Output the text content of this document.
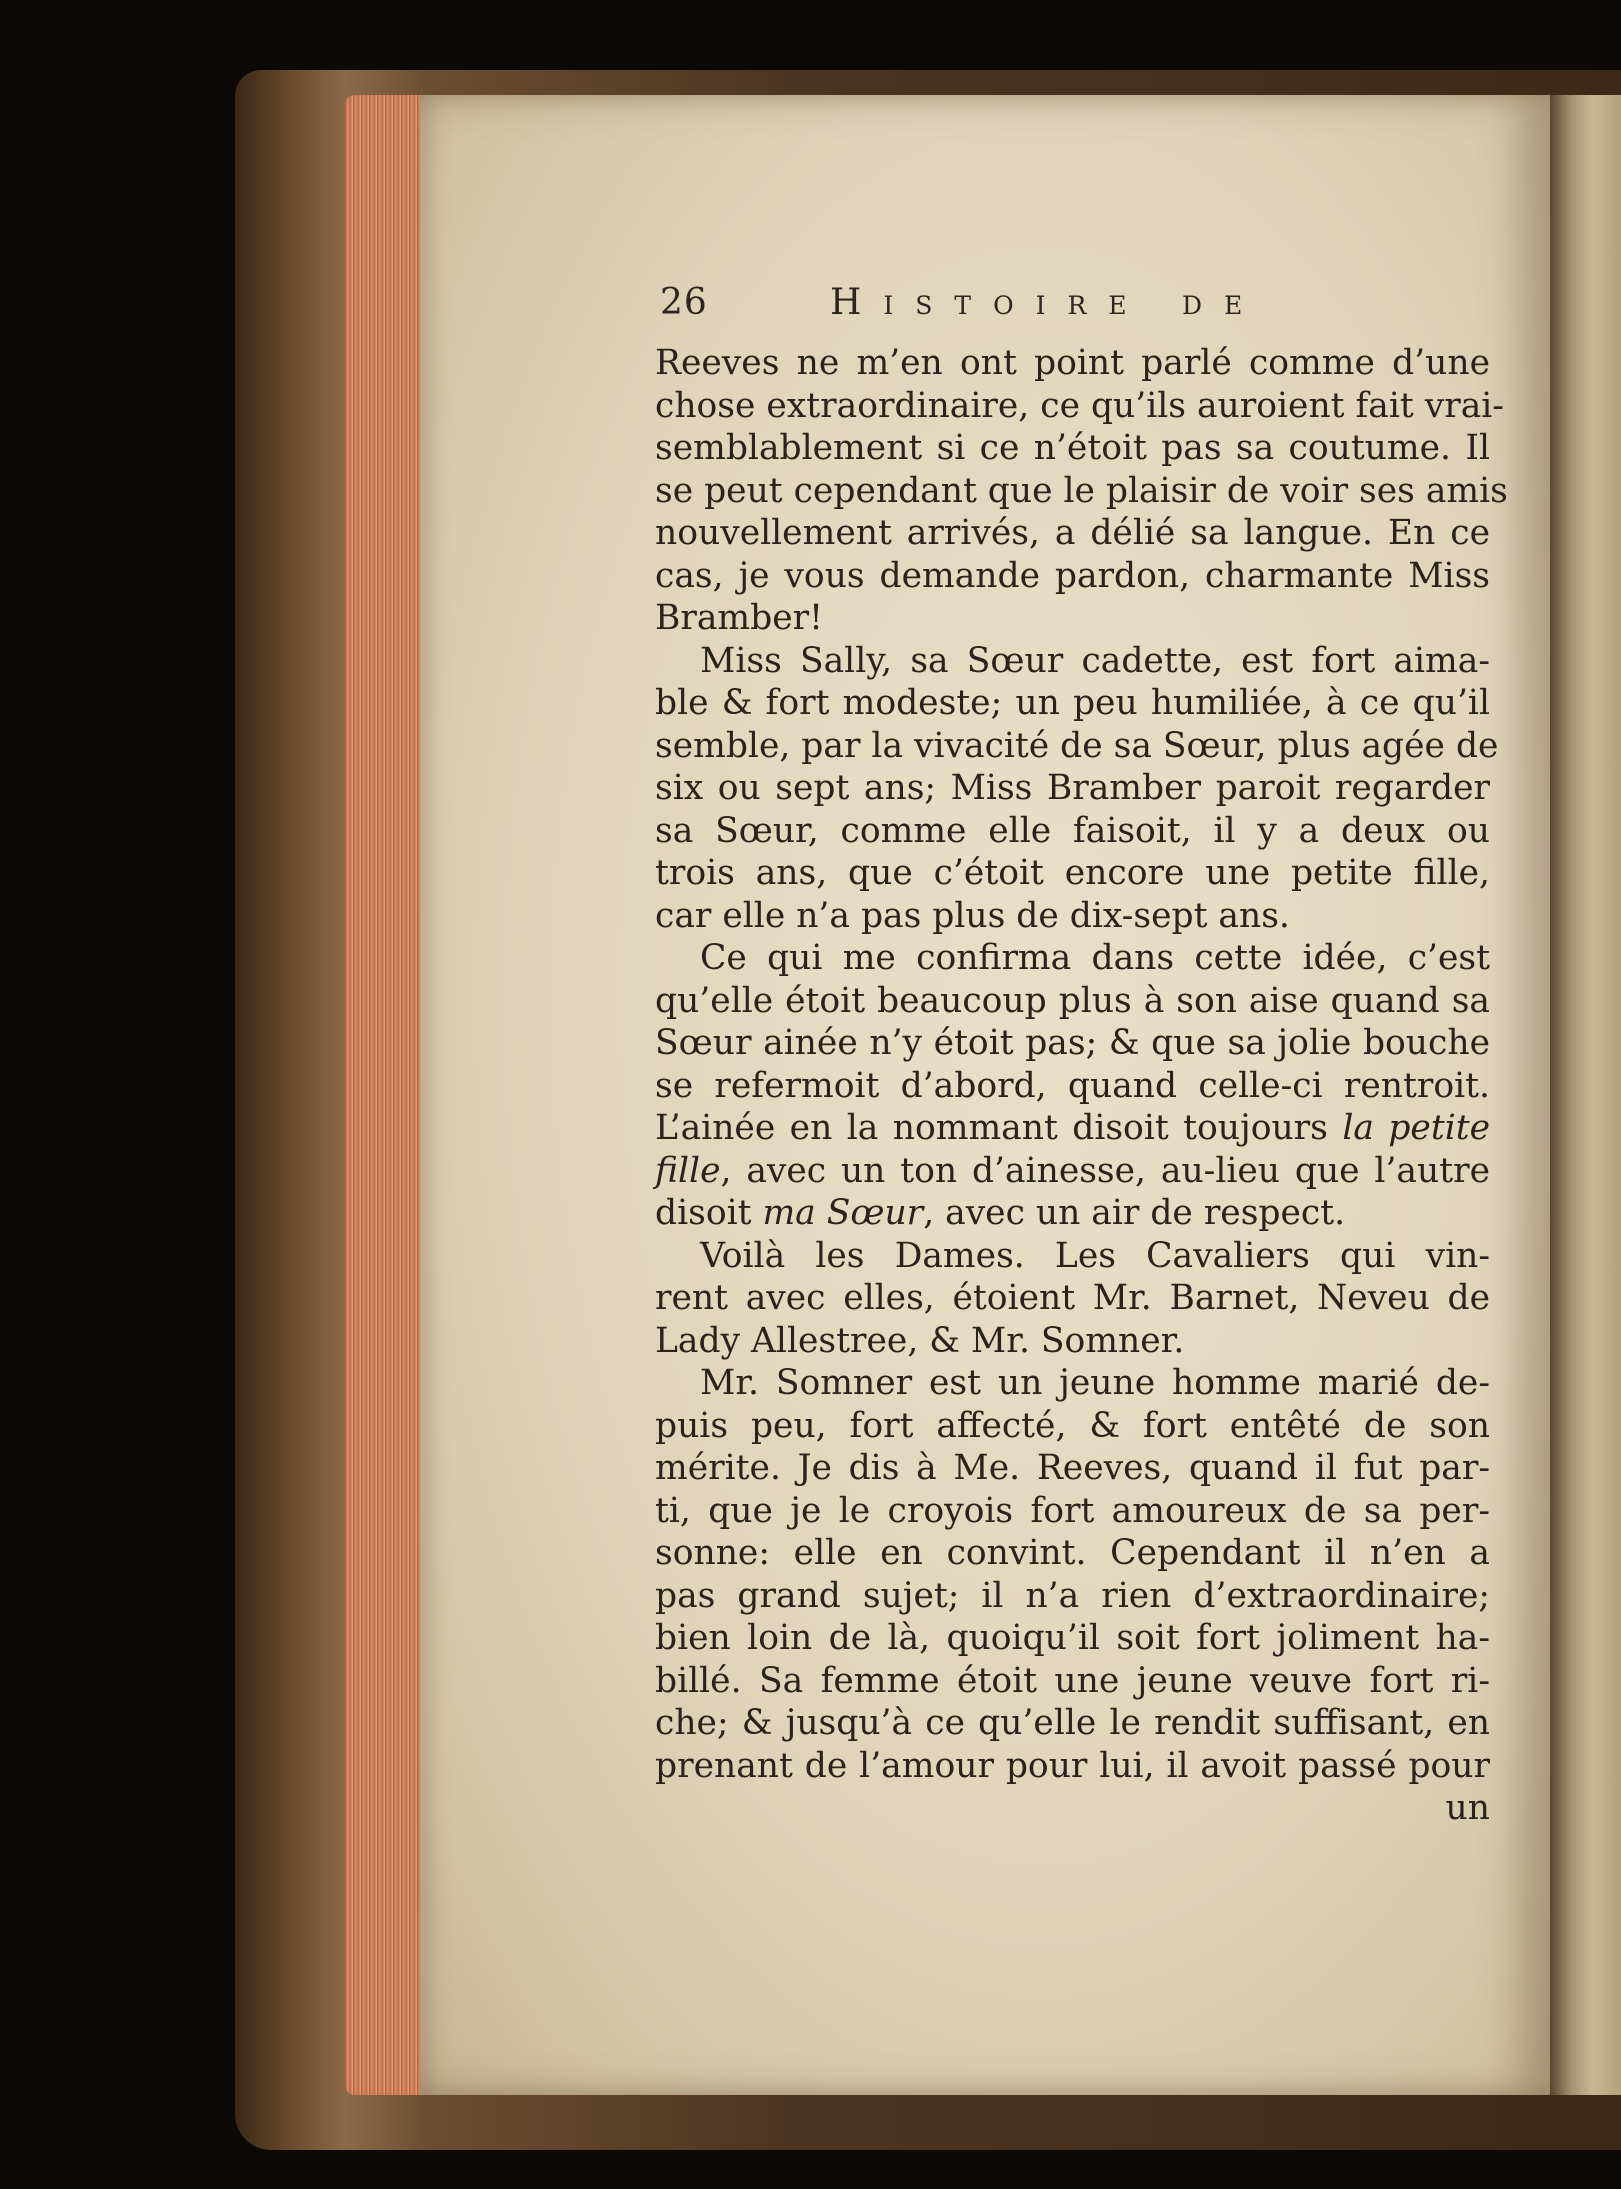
26	Histoire de
Reeves ne m’en ont point parlé comme d’une
chose extraordinaire, ce qu’ils auroient fait vrai-
semblablement si ce n’étoit pas sa coutume. Il
se peut cependant que le plaisir de voir ses amis
nouvellement arrivés, a délié sa langue. En ce
cas, je vous demande pardon, charmante Miss
Bramber!
Miss Sally, sa Sœur cadette, est fort aima-
ble & fort modeste; un peu humiliée, à ce qu’il
semble, par la vivacité de sa Sœur, plus agée de
six ou sept ans; Miss Bramber paroit regarder
sa Sœur, comme elle faisoit, il y a deux ou
trois ans, que c’étoit encore une petite fille,
car elle n’a pas plus de dix-sept ans.
Ce qui me confirma dans cette idée, c’est
qu’elle étoit beaucoup plus à son aise quand sa
Sœur ainée n’y étoit pas; & que sa jolie bouche
se refermoit d’abord, quand celle-ci rentroit.
L’ainée en la nommant disoit toujours la petite
fille, avec un ton d’ainesse, au-lieu que l’autre
disoit ma Sœur, avec un air de respect.
Voilà les Dames. Les Cavaliers qui vin-
rent avec elles, étoient Mr. Barnet, Neveu de
Lady Allestree, & Mr. Somner.
Mr. Somner est un jeune homme marié de-
puis peu, fort affecté, & fort entêté de son
mérite. Je dis à Me. Reeves, quand il fut par-
ti, que je le croyois fort amoureux de sa per-
sonne: elle en convint. Cependant il n’en a
pas grand sujet; il n’a rien d’extraordinaire;
bien loin de là, quoiqu’il soit fort joliment ha-
billé. Sa femme étoit une jeune veuve fort ri-
che; & jusqu’à ce qu’elle le rendit suffisant, en
prenant de l’amour pour lui, il avoit passé pour
un
